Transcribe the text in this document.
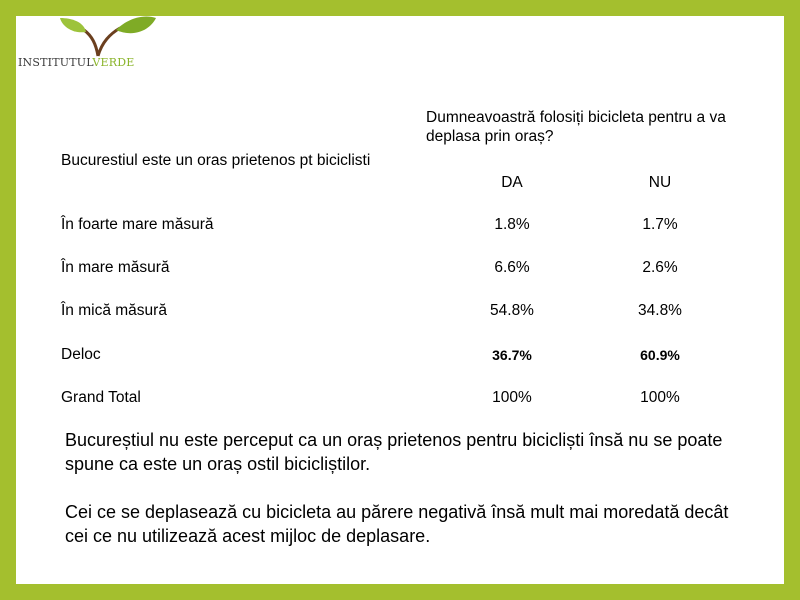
INSTITUTULVERDE
Dumneavoastră folosiți bicicleta pentru a va deplasa prin oraș?
Bucurestiul este un oras prietenos pt biciclisti
DA	NU
În foarte mare măsură	1.8%	1.7%
În mare măsură	6.6%	2.6%
În mică măsură	54.8%	34.8%
Deloc	36.7%	60.9%
Grand Total	100%	100%
Bucureștiul nu este perceput ca un oraș prietenos pentru bicicliști însă nu se poate spune ca este un oraș ostil bicicliștilor.
Cei ce se deplasează cu bicicleta au părere negativă însă mult mai moredată decât cei ce nu utilizează acest mijloc de deplasare.
